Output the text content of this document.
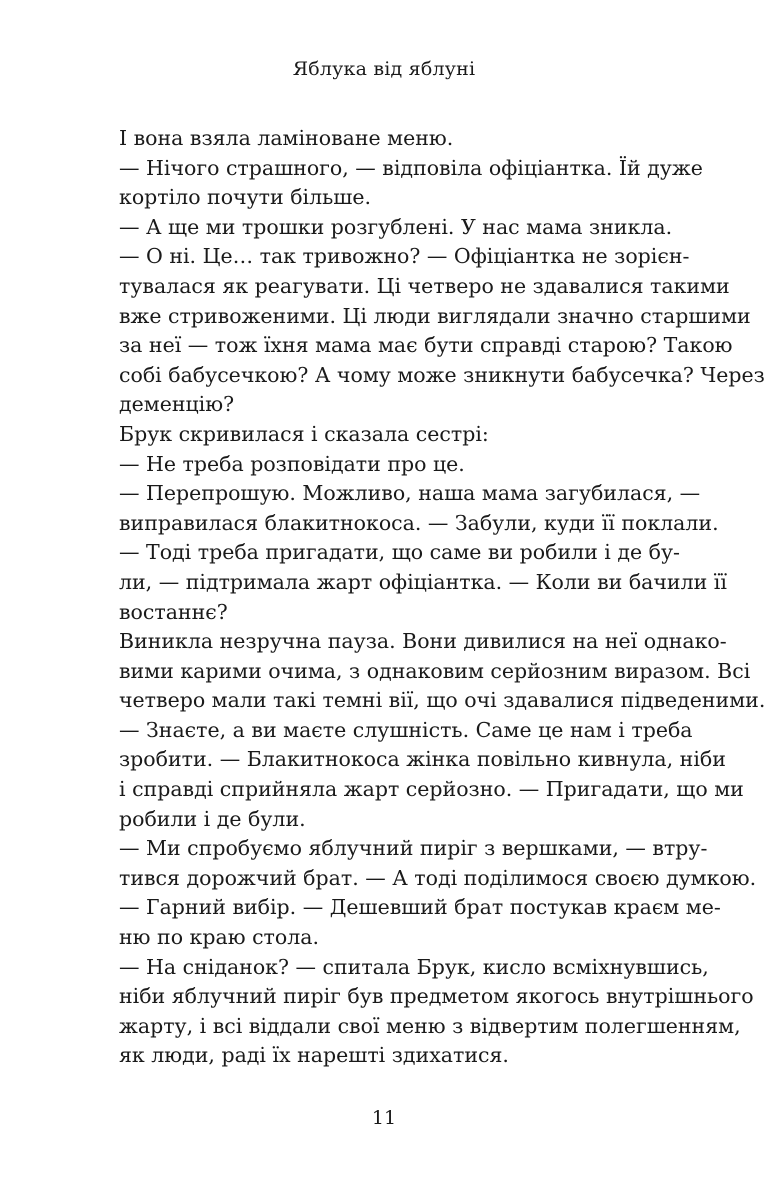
Яблука від яблуні
І вона взяла ламіноване меню.
— Нічого страшного, — відповіла офіціантка. Їй дуже
кортіло почути більше.
— А ще ми трошки розгублені. У нас мама зникла.
— О ні. Це… так тривожно? — Офіціантка не зорієн-
тувалася як реагувати. Ці четверо не здавалися такими
вже стривоженими. Ці люди виглядали значно старшими
за неї — тож їхня мама має бути справді старою? Такою
собі бабусечкою? А чому може зникнути бабусечка? Через
деменцію?
Брук скривилася і сказала сестрі:
— Не треба розповідати про це.
— Перепрошую. Можливо, наша мама загубилася, —
виправилася блакитнокоса. — Забули, куди її поклали.
— Тоді треба пригадати, що саме ви робили і де бу-
ли, — підтримала жарт офіціантка. — Коли ви бачили її
востаннє?
Виникла незручна пауза. Вони дивилися на неї однако-
вими карими очима, з однаковим серйозним виразом. Всі
четверо мали такі темні вії, що очі здавалися підведеними.
— Знаєте, а ви маєте слушність. Саме це нам і треба
зробити. — Блакитнокоса жінка повільно кивнула, ніби
і справді сприйняла жарт серйозно. — Пригадати, що ми
робили і де були.
— Ми спробуємо яблучний пиріг з вершками, — втру-
тився дорожчий брат. — А тоді поділимося своєю думкою.
— Гарний вибір. — Дешевший брат постукав краєм ме-
ню по краю стола.
— На сніданок? — спитала Брук, кисло всміхнувшись,
ніби яблучний пиріг був предметом якогось внутрішнього
жарту, і всі віддали свої меню з відвертим полегшенням,
як люди, раді їх нарешті здихатися.
11
